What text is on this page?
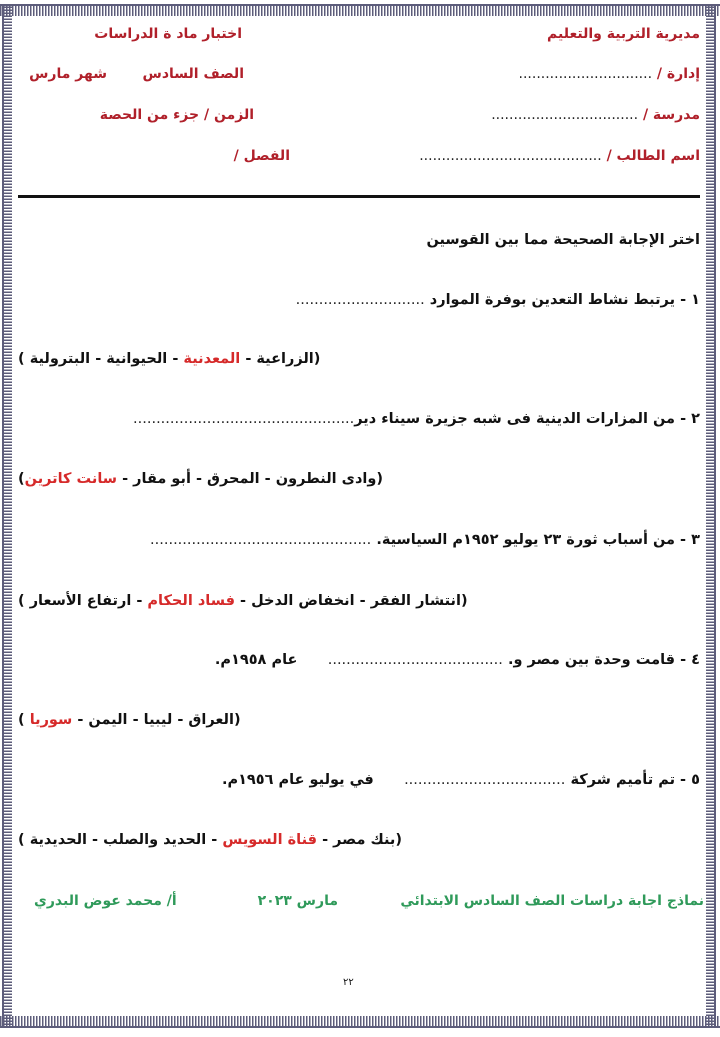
مديرية التربية والتعليم
اختبار ماد ة الدراسات
إدارة / ..............................
الصف السادس
شهر مارس
مدرسة / .................................
الزمن / جزء من الحصة
اسم الطالب / .........................................
الفصل /
اختر الإجابة الصحيحة مما بين القوسين
١ - يرتبط نشاط التعدين بوفرة الموارد ............................
(الزراعية - المعدنية - الحيوانية - البترولية )
٢ - من المزارات الدينية فى شبه جزيرة سيناء دير................................................
(وادى النطرون - المحرق - أبو مقار - سانت كاترين)
٣ - من أسباب ثورة ٢٣ يوليو ١٩٥٢م السياسية. ................................................
(انتشار الفقر - انخفاض الدخل - فساد الحكام - ارتفاع الأسعار )
٤ - قامت وحدة بين مصر و. ......................................      عام ١٩٥٨م.
(العراق - ليبيا - اليمن - سوريا )
٥ - تم تأميم شركة ...................................      في يوليو عام ١٩٥٦م.
(بنك مصر - قناة السويس - الحديد والصلب - الحديدية )
نماذج اجابة دراسات الصف السادس الابتدائي
مارس ٢٠٢٣
أ/ محمد عوض البدري
٢٢
